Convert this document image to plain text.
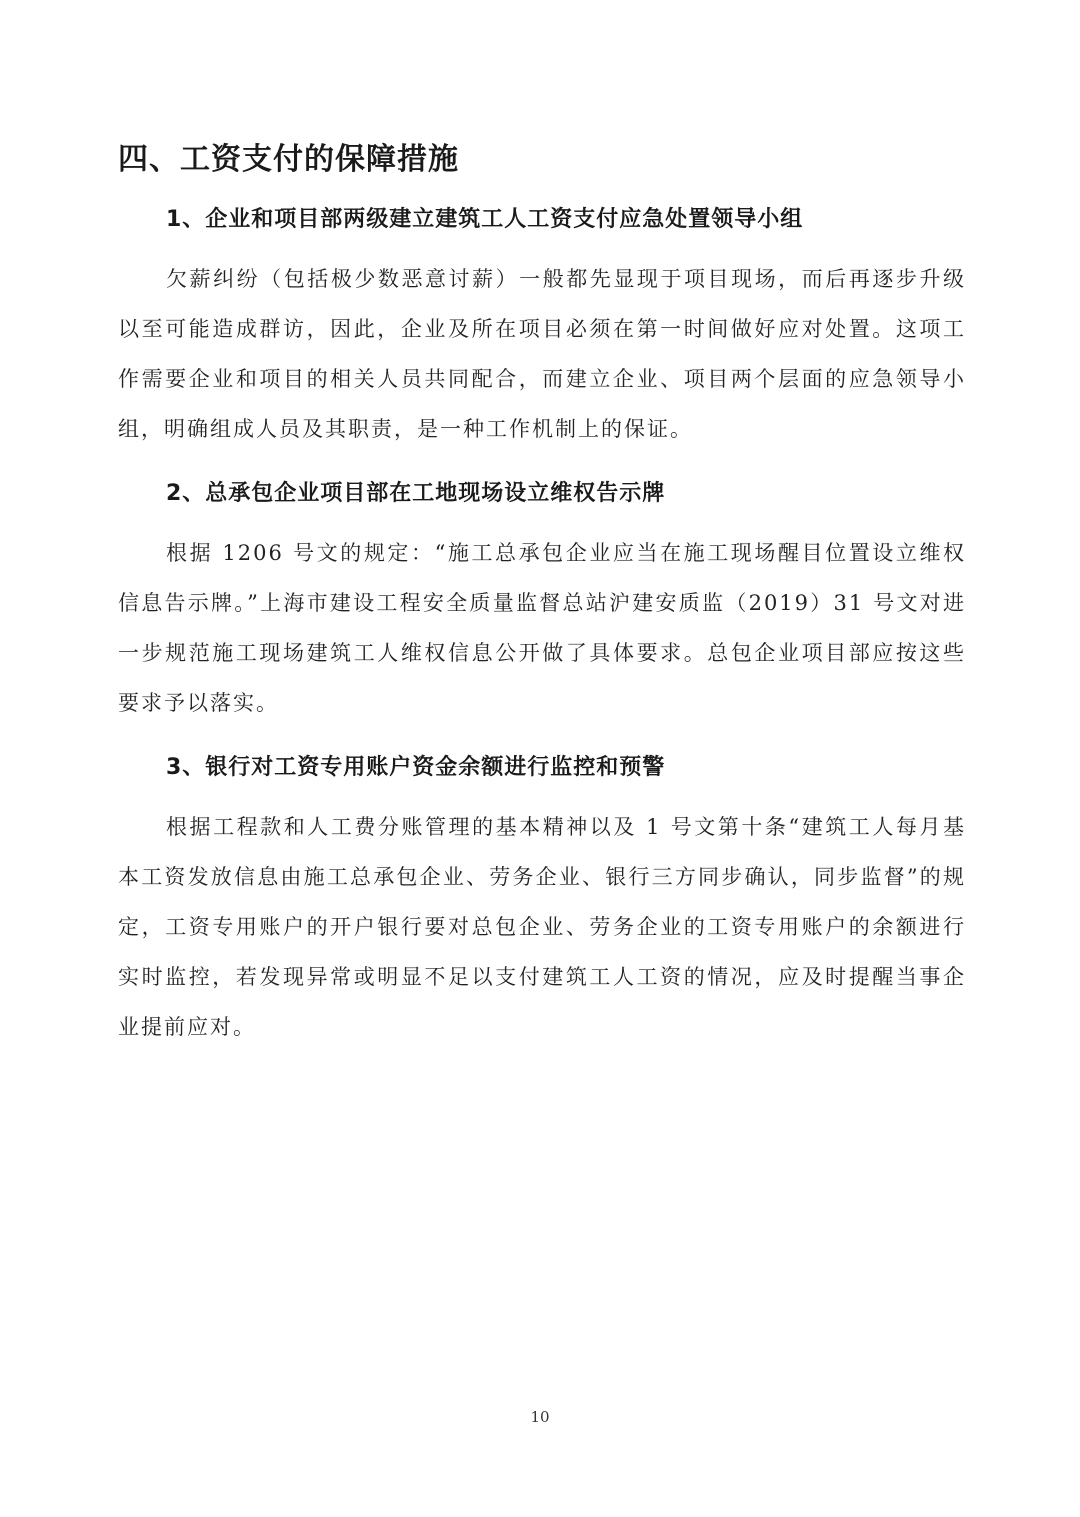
四、工资支付的保障措施
1、企业和项目部两级建立建筑工人工资支付应急处置领导小组

欠薪纠纷（包括极少数恶意讨薪）一般都先显现于项目现场，而后再逐步升级以至可能造成群访，因此，企业及所在项目必须在第一时间做好应对处置。这项工作需要企业和项目的相关人员共同配合，而建立企业、项目两个层面的应急领导小组，明确组成人员及其职责，是一种工作机制上的保证。

2、总承包企业项目部在工地现场设立维权告示牌

根据 1206 号文的规定：“施工总承包企业应当在施工现场醒目位置设立维权信息告示牌。”上海市建设工程安全质量监督总站沪建安质监（2019）31 号文对进一步规范施工现场建筑工人维权信息公开做了具体要求。总包企业项目部应按这些要求予以落实。

3、银行对工资专用账户资金余额进行监控和预警

根据工程款和人工费分账管理的基本精神以及 1 号文第十条“建筑工人每月基本工资发放信息由施工总承包企业、劳务企业、银行三方同步确认，同步监督”的规定，工资专用账户的开户银行要对总包企业、劳务企业的工资专用账户的余额进行实时监控，若发现异常或明显不足以支付建筑工人工资的情况，应及时提醒当事企业提前应对。

10
